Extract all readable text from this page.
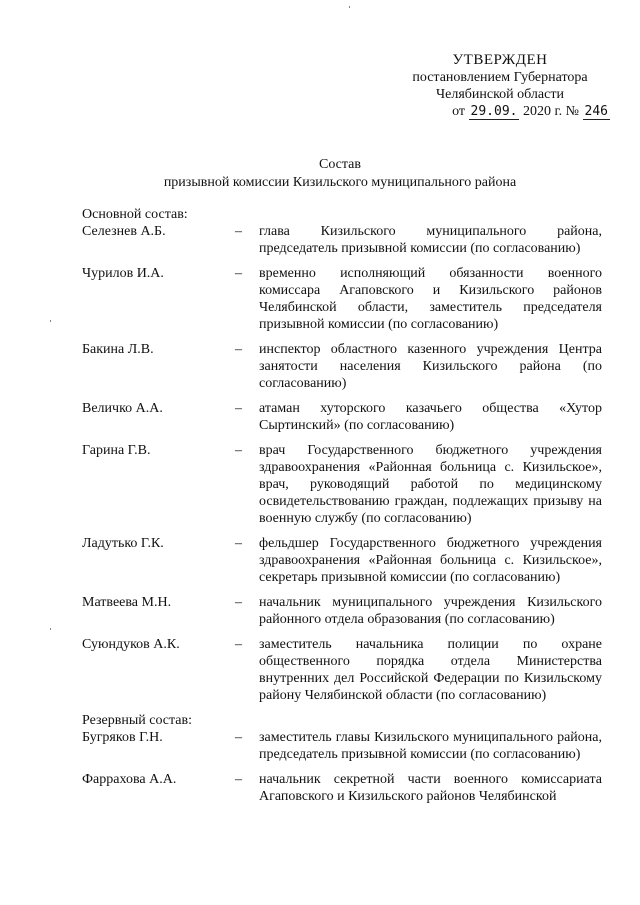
УТВЕРЖДЕН
постановлением Губернатора
Челябинской области
от 29.09. 2020 г. № 246
Состав
призывной комиссии Кизильского муниципального района
Основной состав:
Селезнев А.Б.	–	глава Кизильского муниципального района, председатель призывной комиссии (по согласованию)
Чурилов И.А.	–	временно исполняющий обязанности военного комиссара Агаповского и Кизильского районов Челябинской области, заместитель председателя призывной комиссии (по согласованию)
Бакина Л.В.	–	инспектор областного казенного учреждения Центра занятости населения Кизильского района (по согласованию)
Величко А.А.	–	атаман хуторского казачьего общества «Хутор Сыртинский» (по согласованию)
Гарина Г.В.	–	врач Государственного бюджетного учреждения здравоохранения «Районная больница с. Кизильское», врач, руководящий работой по медицинскому освидетельствованию граждан, подлежащих призыву на военную службу (по согласованию)
Ладутько Г.К.	–	фельдшер Государственного бюджетного учреждения здравоохранения «Районная больница с. Кизильское», секретарь призывной комиссии (по согласованию)
Матвеева М.Н.	–	начальник муниципального учреждения Кизильского районного отдела образования (по согласованию)
Суюндуков А.К.	–	заместитель начальника полиции по охране общественного порядка отдела Министерства внутренних дел Российской Федерации по Кизильскому району Челябинской области (по согласованию)
Резервный состав:
Бугряков Г.Н.	–	заместитель главы Кизильского муниципального района, председатель призывной комиссии (по согласованию)
Фаррахова А.А.	–	начальник секретной части военного комиссариата Агаповского и Кизильского районов Челябинской
